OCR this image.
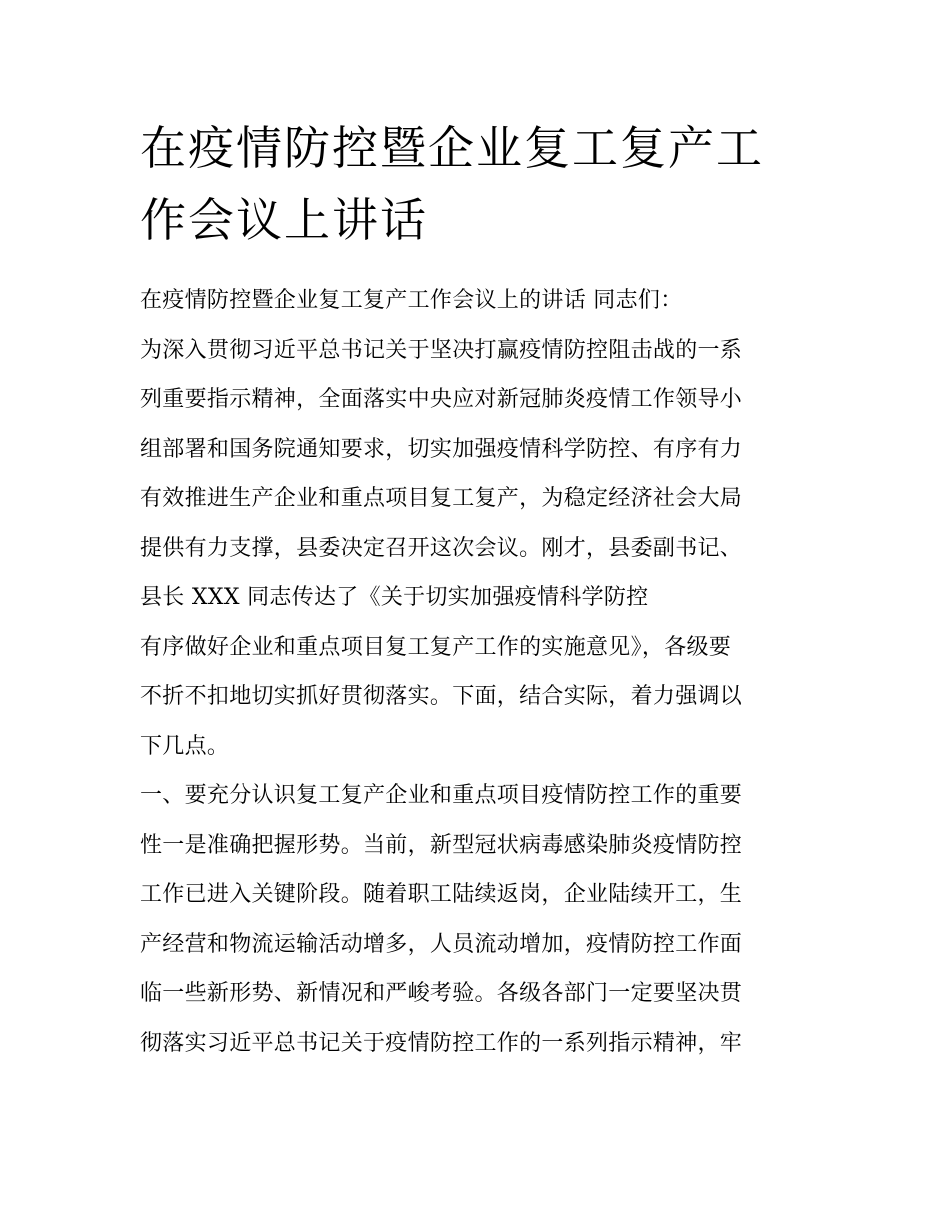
在疫情防控暨企业复工复产工
作会议上讲话
在疫情防控暨企业复工复产工作会议上的讲话 同志们：
为深入贯彻习近平总书记关于坚决打赢疫情防控阻击战的一系
列重要指示精神，全面落实中央应对新冠肺炎疫情工作领导小
组部署和国务院通知要求，切实加强疫情科学防控、有序有力
有效推进生产企业和重点项目复工复产，为稳定经济社会大局
提供有力支撑，县委决定召开这次会议。刚才，县委副书记、
县长 XXX 同志传达了《关于切实加强疫情科学防控
有序做好企业和重点项目复工复产工作的实施意见》，各级要
不折不扣地切实抓好贯彻落实。下面，结合实际，着力强调以
下几点。
一、要充分认识复工复产企业和重点项目疫情防控工作的重要
性一是准确把握形势。当前，新型冠状病毒感染肺炎疫情防控
工作已进入关键阶段。随着职工陆续返岗，企业陆续开工，生
产经营和物流运输活动增多，人员流动增加，疫情防控工作面
临一些新形势、新情况和严峻考验。各级各部门一定要坚决贯
彻落实习近平总书记关于疫情防控工作的一系列指示精神，牢
